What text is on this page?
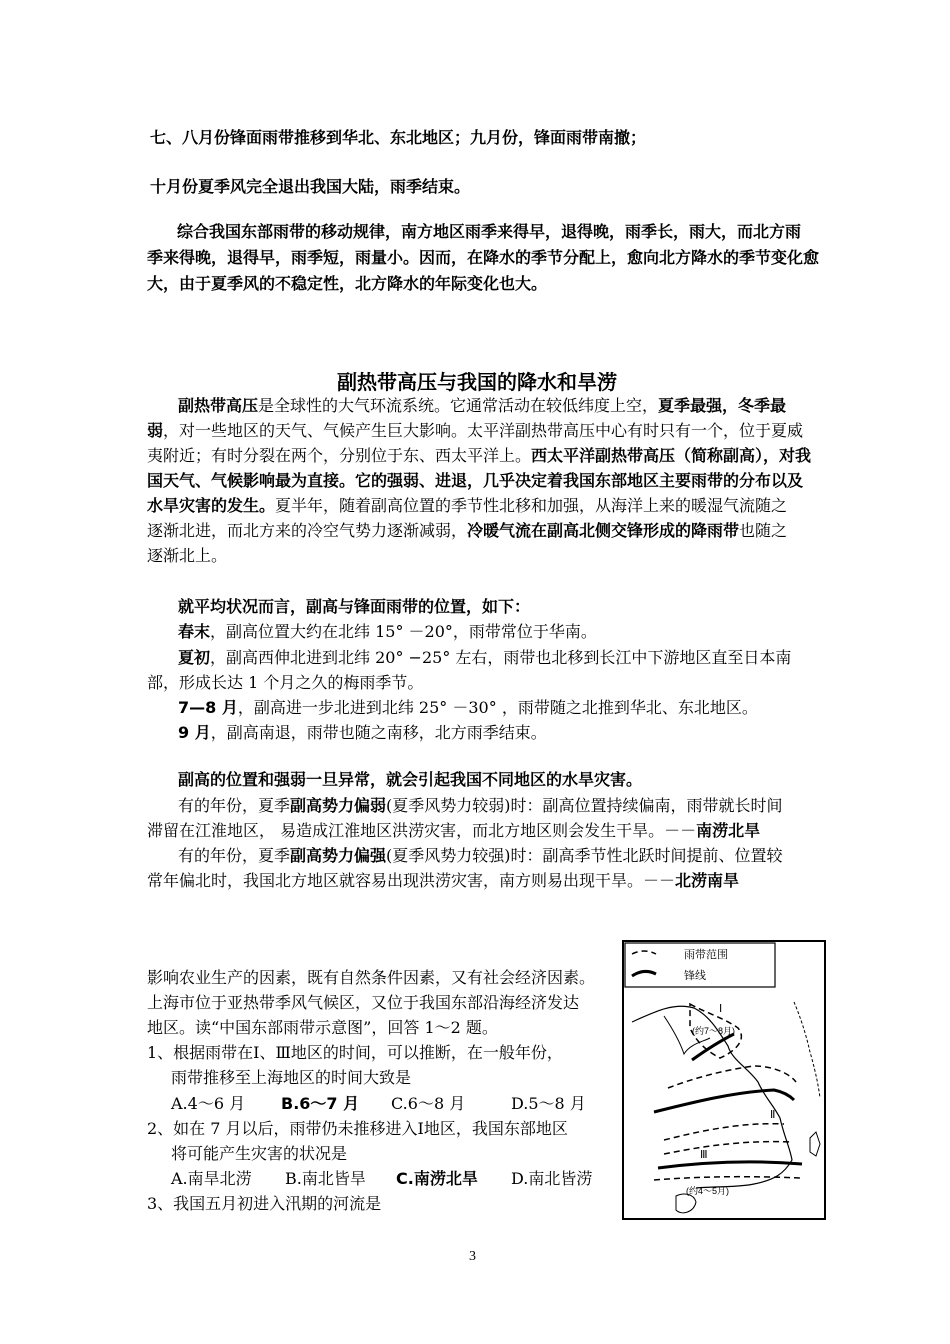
七、八月份锋面雨带推移到华北、东北地区；九月份，锋面雨带南撤；
十月份夏季风完全退出我国大陆，雨季结束。
综合我国东部雨带的移动规律，南方地区雨季来得早，退得晚，雨季长，雨大，而北方雨
季来得晚，退得早，雨季短，雨量小。因而，在降水的季节分配上，愈向北方降水的季节变化愈
大，由于夏季风的不稳定性，北方降水的年际变化也大。
副热带高压与我国的降水和旱涝
副热带高压是全球性的大气环流系统。它通常活动在较低纬度上空，夏季最强，冬季最
弱，对一些地区的天气、气候产生巨大影响。太平洋副热带高压中心有时只有一个，位于夏威
夷附近；有时分裂在两个，分别位于东、西太平洋上。西太平洋副热带高压（简称副高），对我
国天气、气候影响最为直接。它的强弱、进退，几乎决定着我国东部地区主要雨带的分布以及
水旱灾害的发生。夏半年，随着副高位置的季节性北移和加强，从海洋上来的暖湿气流随之
逐渐北进，而北方来的冷空气势力逐渐减弱，冷暖气流在副高北侧交锋形成的降雨带也随之
逐渐北上。
就平均状况而言，副高与锋面雨带的位置，如下：
春末，副高位置大约在北纬 15° －20°，雨带常位于华南。
夏初，副高西伸北进到北纬 20° −25° 左右，雨带也北移到长江中下游地区直至日本南
部，形成长达 1 个月之久的梅雨季节。
7—8 月，副高进一步北进到北纬 25° －30° ，雨带随之北推到华北、东北地区。
9 月，副高南退，雨带也随之南移，北方雨季结束。
副高的位置和强弱一旦异常，就会引起我国不同地区的水旱灾害。
有的年份，夏季副高势力偏弱(夏季风势力较弱)时：副高位置持续偏南，雨带就长时间
滞留在江淮地区， 易造成江淮地区洪涝灾害，而北方地区则会发生干旱。－－南涝北旱
有的年份，夏季副高势力偏强(夏季风势力较强)时：副高季节性北跃时间提前、位置较
常年偏北时，我国北方地区就容易出现洪涝灾害，南方则易出现干旱。－－北涝南旱
影响农业生产的因素，既有自然条件因素，又有社会经济因素。
上海市位于亚热带季风气候区，又位于我国东部沿海经济发达
地区。读“中国东部雨带示意图”，回答 1～2 题。
1、根据雨带在Ⅰ、Ⅲ地区的时间，可以推断，在一般年份，
雨带推移至上海地区的时间大致是
A.4～6 月 B.6～7 月 C.6～8 月	D.5～8 月
2、如在 7 月以后，雨带仍未推移进入Ⅰ地区，我国东部地区
将可能产生灾害的状况是
A.南旱北涝 B.南北皆旱 C.南涝北旱 D.南北皆涝
3、我国五月初进入汛期的河流是
雨带范围
锋线
Ⅰ
(约7～8月)
Ⅱ
Ⅲ
(约4～5月)
3
